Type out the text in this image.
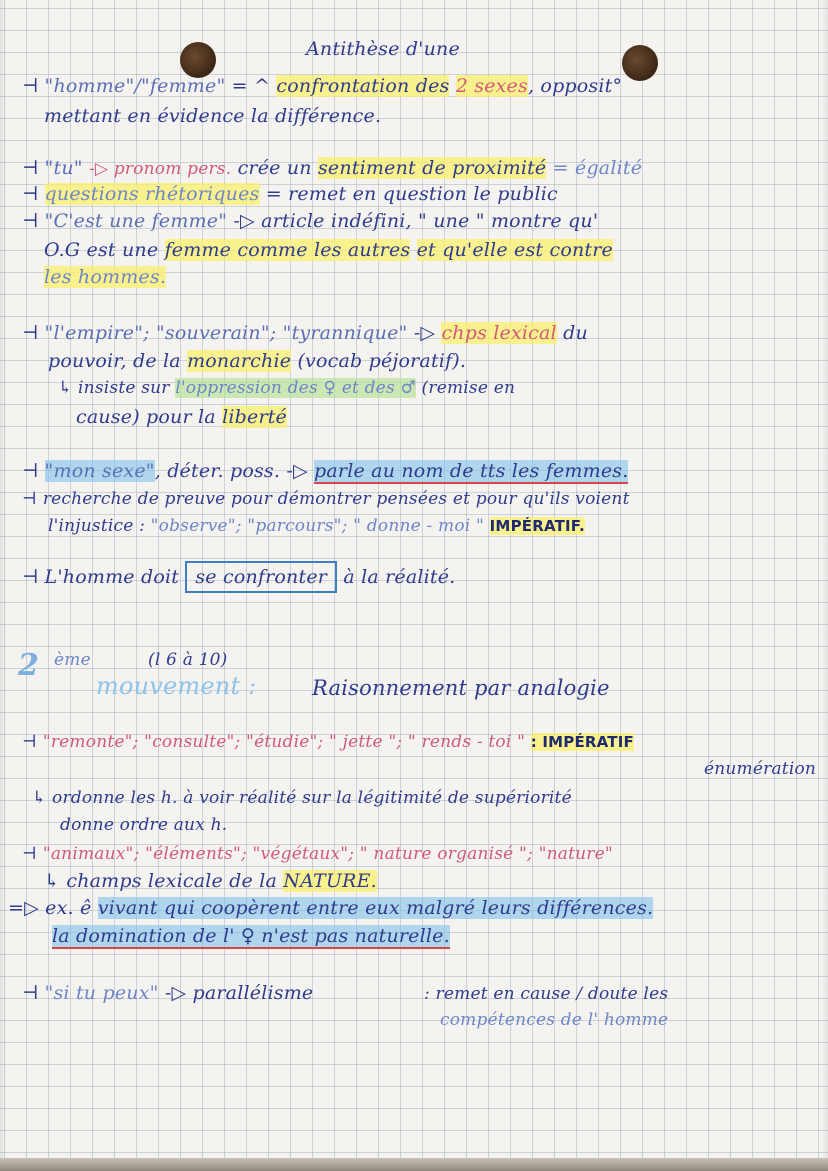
Antithèse d'une
⊣ "homme"/"femme" = ^ confrontation des 2 sexes, opposit°
mettant en évidence la différence.
⊣ "tu" -▷ pronom pers. crée un sentiment de proximité = égalité
⊣ questions rhétoriques = remet en question le public
⊣ "C'est une femme" -▷ article indéfini, " une " montre qu'
O.G est une femme comme les autres et qu'elle est contre
les hommes.
⊣ "l'empire"; "souverain"; "tyrannique" -▷ chps lexical du
pouvoir, de la monarchie (vocab péjoratif).
↳ insiste sur l'oppression des ♀ et des ♂ (remise en
cause) pour la liberté
⊣ "mon sexe", déter. poss. -▷ parle au nom de tts les femmes.
⊣ recherche de preuve pour démontrer pensées et pour qu'ils voient
l'injustice : "observe"; "parcours"; " donne - moi " IMPÉRATIF.
⊣ L'homme doit se confronter à la réalité.
2 ème	(l 6 à 10)
mouvement :	Raisonnement par analogie
⊣ "remonte"; "consulte"; "étudie"; " jette "; " rends - toi " : IMPÉRATIF
énumération
↳ ordonne les h. à voir réalité sur la légitimité de supériorité
donne ordre aux h.
⊣ "animaux"; "éléments"; "végétaux"; " nature organisé "; "nature"
↳ champs lexicale de la NATURE.
=▷ ex. ê vivant qui coopèrent entre eux malgré leurs différences.
la domination de l' ♀ n'est pas naturelle.
⊣ "si tu peux" -▷ parallélisme	: remet en cause / doute les
compétences de l' homme
